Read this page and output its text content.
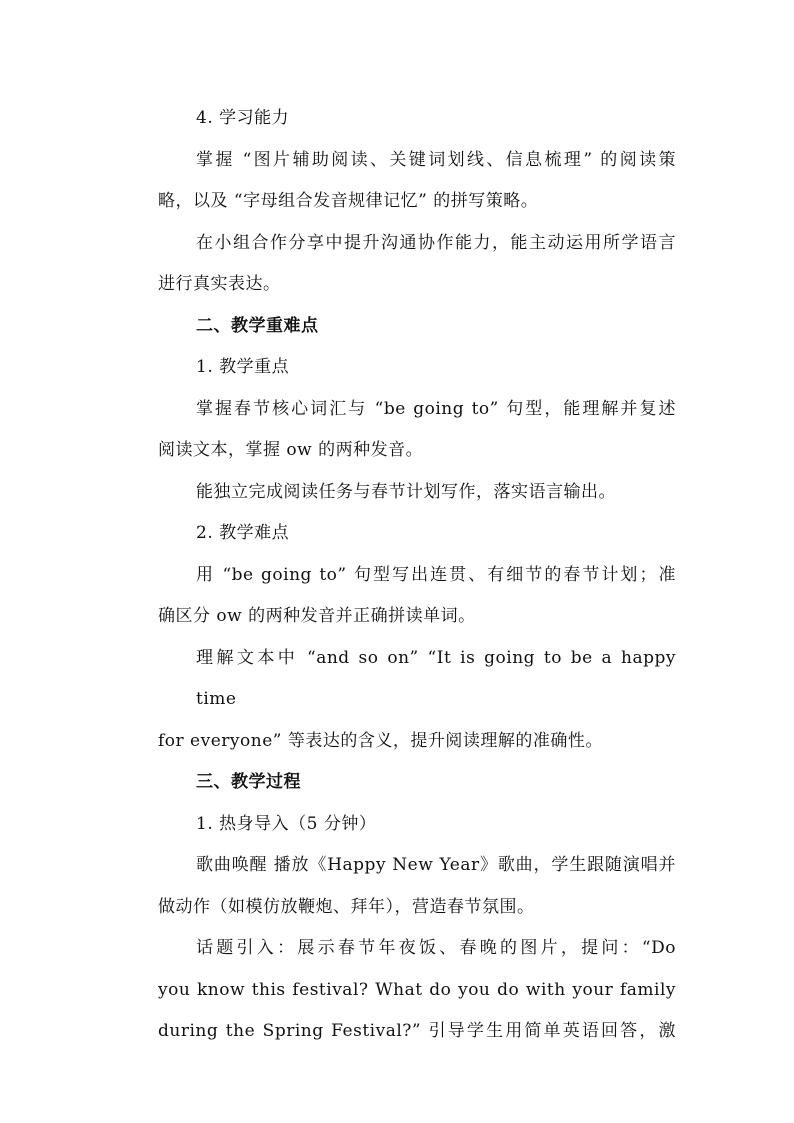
4. 学习能力
掌握 “图片辅助阅读、关键词划线、信息梳理” 的阅读策
略，以及 “字母组合发音规律记忆” 的拼写策略。
在小组合作分享中提升沟通协作能力，能主动运用所学语言
进行真实表达。
二、教学重难点
1. 教学重点
掌握春节核心词汇与 “be going to” 句型，能理解并复述
阅读文本，掌握 ow 的两种发音。
能独立完成阅读任务与春节计划写作，落实语言输出。
2. 教学难点
用 “be going to” 句型写出连贯、有细节的春节计划；准
确区分 ow 的两种发音并正确拼读单词。
理解文本中 “and so on” “It is going to be a happy time
for everyone” 等表达的含义，提升阅读理解的准确性。
三、教学过程
1. 热身导入（5 分钟）
歌曲唤醒 播放《Happy New Year》歌曲，学生跟随演唱并
做动作（如模仿放鞭炮、拜年），营造春节氛围。
话题引入：展示春节年夜饭、春晚的图片，提问：“Do
you know this festival? What do you do with your family
during the Spring Festival?” 引导学生用简单英语回答，激
